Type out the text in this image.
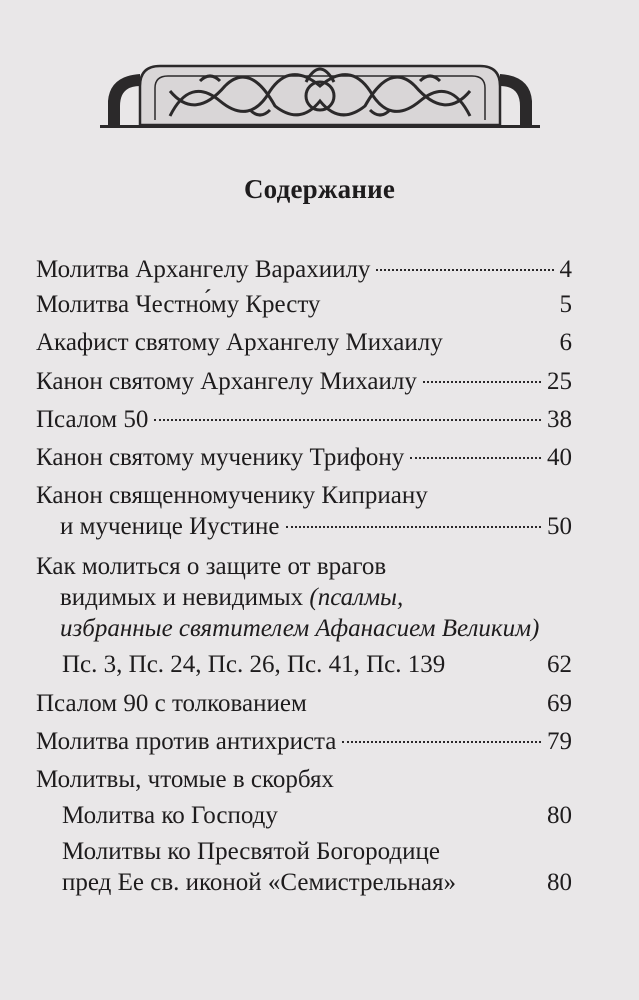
Содержание
Молитва Архангелу Варахиилу	4
Молитва Честно́му Кресту	5
Акафист святому Архангелу Михаилу	6
Канон святому Архангелу Михаилу	25
Псалом 50	38
Канон святому мученику Трифону	40
Канон священномученику Киприану
и мученице Иустине	50
Как молиться о защите от врагов
видимых и невидимых (псалмы,
избранные святителем Афанасием Великим)
Пс. 3, Пс. 24, Пс. 26, Пс. 41, Пс. 139	62
Псалом 90 с толкованием	69
Молитва против антихриста	79
Молитвы, чтомые в скорбях
Молитва ко Господу	80
Молитвы ко Пресвятой Богородице
пред Ее св. иконой «Семистрельная»	80
